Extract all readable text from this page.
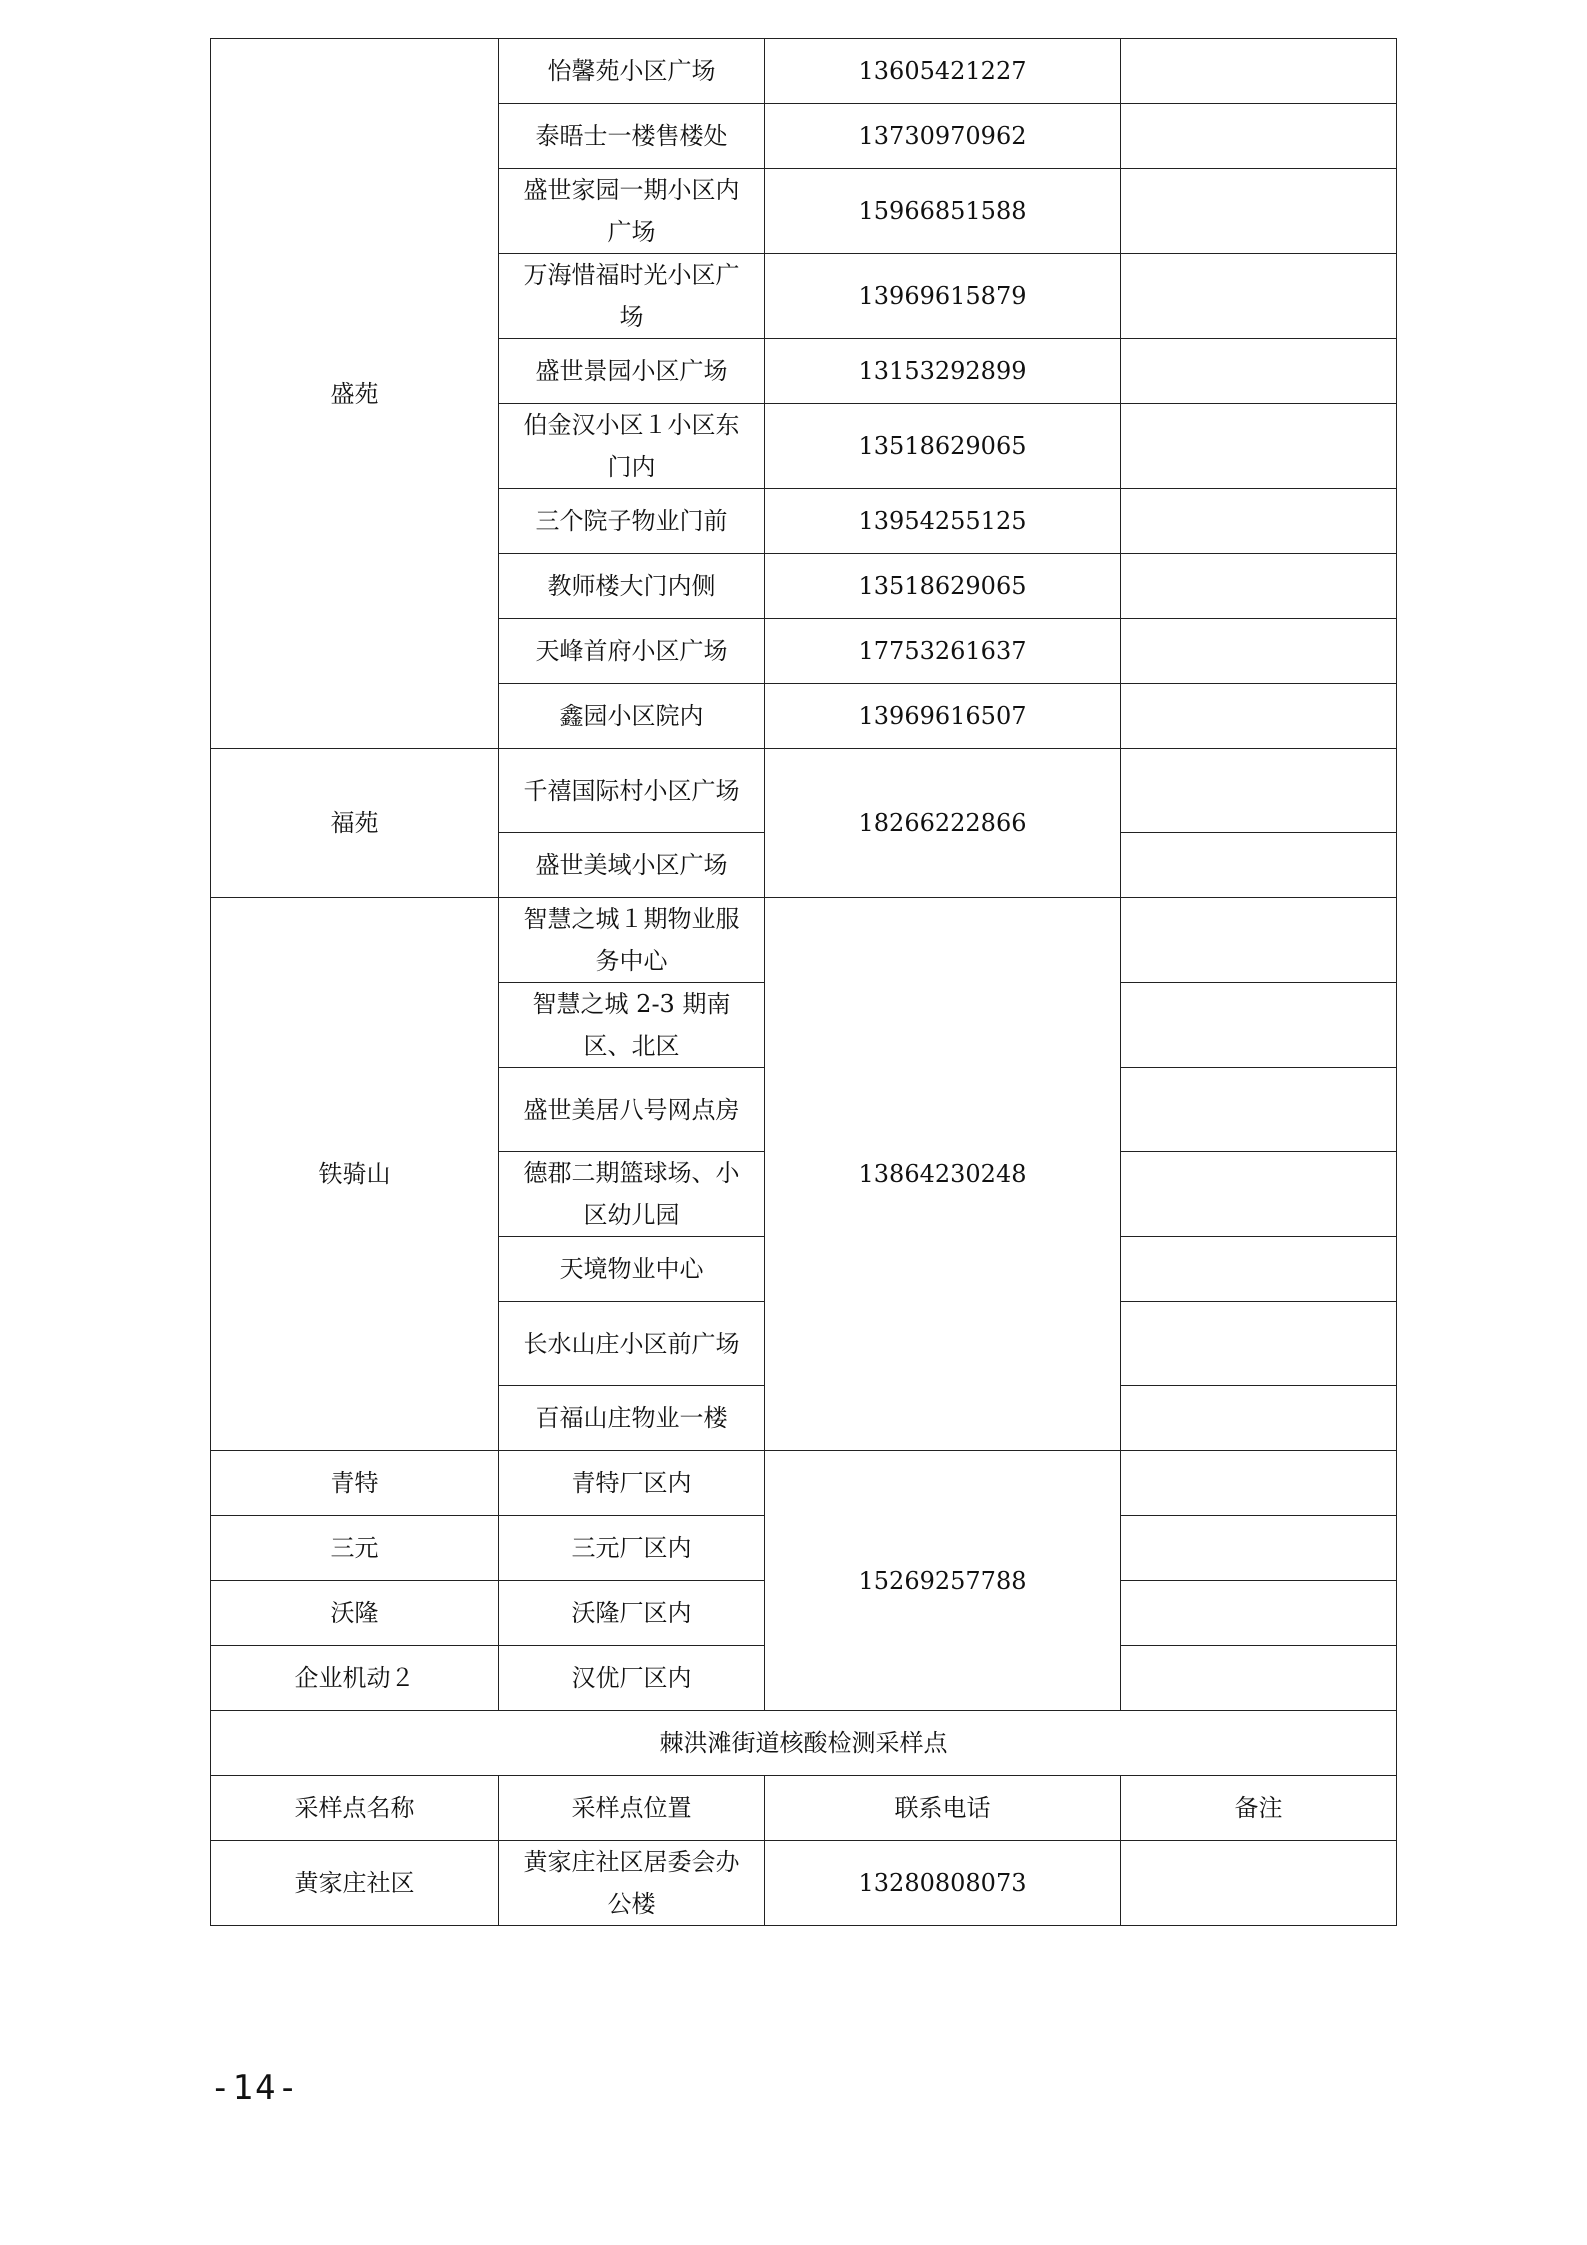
盛苑	怡馨苑小区广场	13605421227	
	泰晤士一楼售楼处	13730970962	
	盛世家园一期小区内广场	15966851588	
	万海惜福时光小区广场	13969615879	
	盛世景园小区广场	13153292899	
	伯金汉小区１小区东门内	13518629065	
	三个院子物业门前	13954255125	
	教师楼大门内侧	13518629065	
	天峰首府小区广场	17753261637	
	鑫园小区院内	13969616507	
福苑	千禧国际村小区广场	18266222866	
	盛世美域小区广场		
铁骑山	智慧之城１期物业服务中心	13864230248	
	智慧之城 2-3 期南区、北区		
	盛世美居八号网点房		
	德郡二期篮球场、小区幼儿园		
	天境物业中心		
	长水山庄小区前广场		
	百福山庄物业一楼		
青特	青特厂区内	15269257788	
三元	三元厂区内		
沃隆	沃隆厂区内		
企业机动２	汉优厂区内		
棘洪滩街道核酸检测采样点			
采样点名称	采样点位置	联系电话	备注
黄家庄社区	黄家庄社区居委会办公楼	13280808073	
-14-
